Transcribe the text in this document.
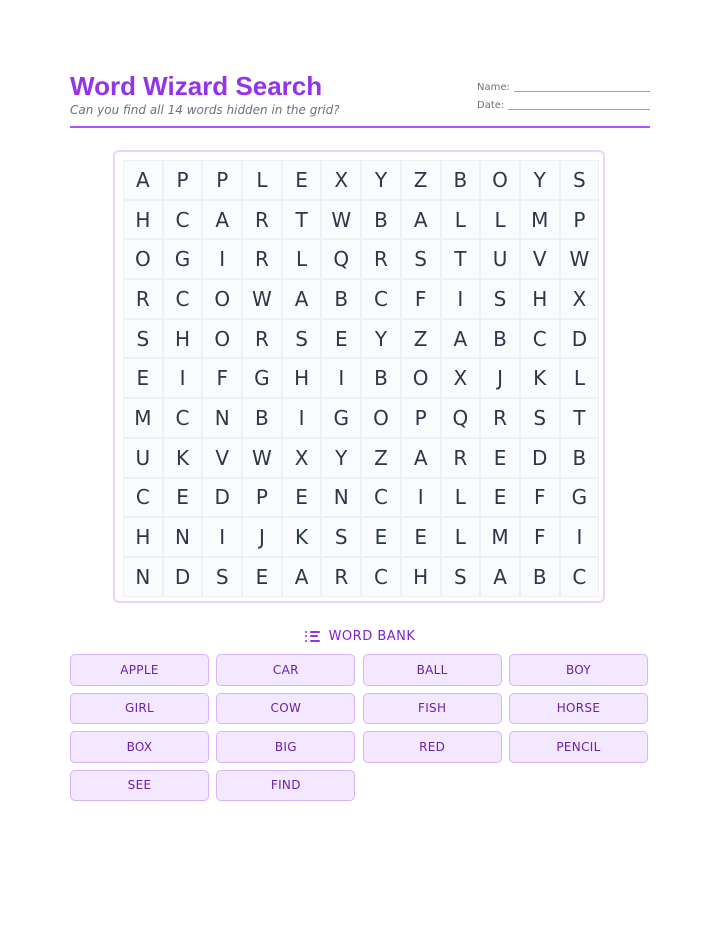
Word Wizard Search
Can you find all 14 words hidden in the grid?
Name:
Date:
A	P	P	L	E	X	Y	Z	B	O	Y	S
H	C	A	R	T	W	B	A	L	L	M	P
O	G	I	R	L	Q	R	S	T	U	V	W
R	C	O	W	A	B	C	F	I	S	H	X
S	H	O	R	S	E	Y	Z	A	B	C	D
E	I	F	G	H	I	B	O	X	J	K	L
M	C	N	B	I	G	O	P	Q	R	S	T
U	K	V	W	X	Y	Z	A	R	E	D	B
C	E	D	P	E	N	C	I	L	E	F	G
H	N	I	J	K	S	E	E	L	M	F	I
N	D	S	E	A	R	C	H	S	A	B	C
WORD BANK
APPLE	CAR	BALL	BOY
GIRL	COW	FISH	HORSE
BOX	BIG	RED	PENCIL
SEE	FIND
